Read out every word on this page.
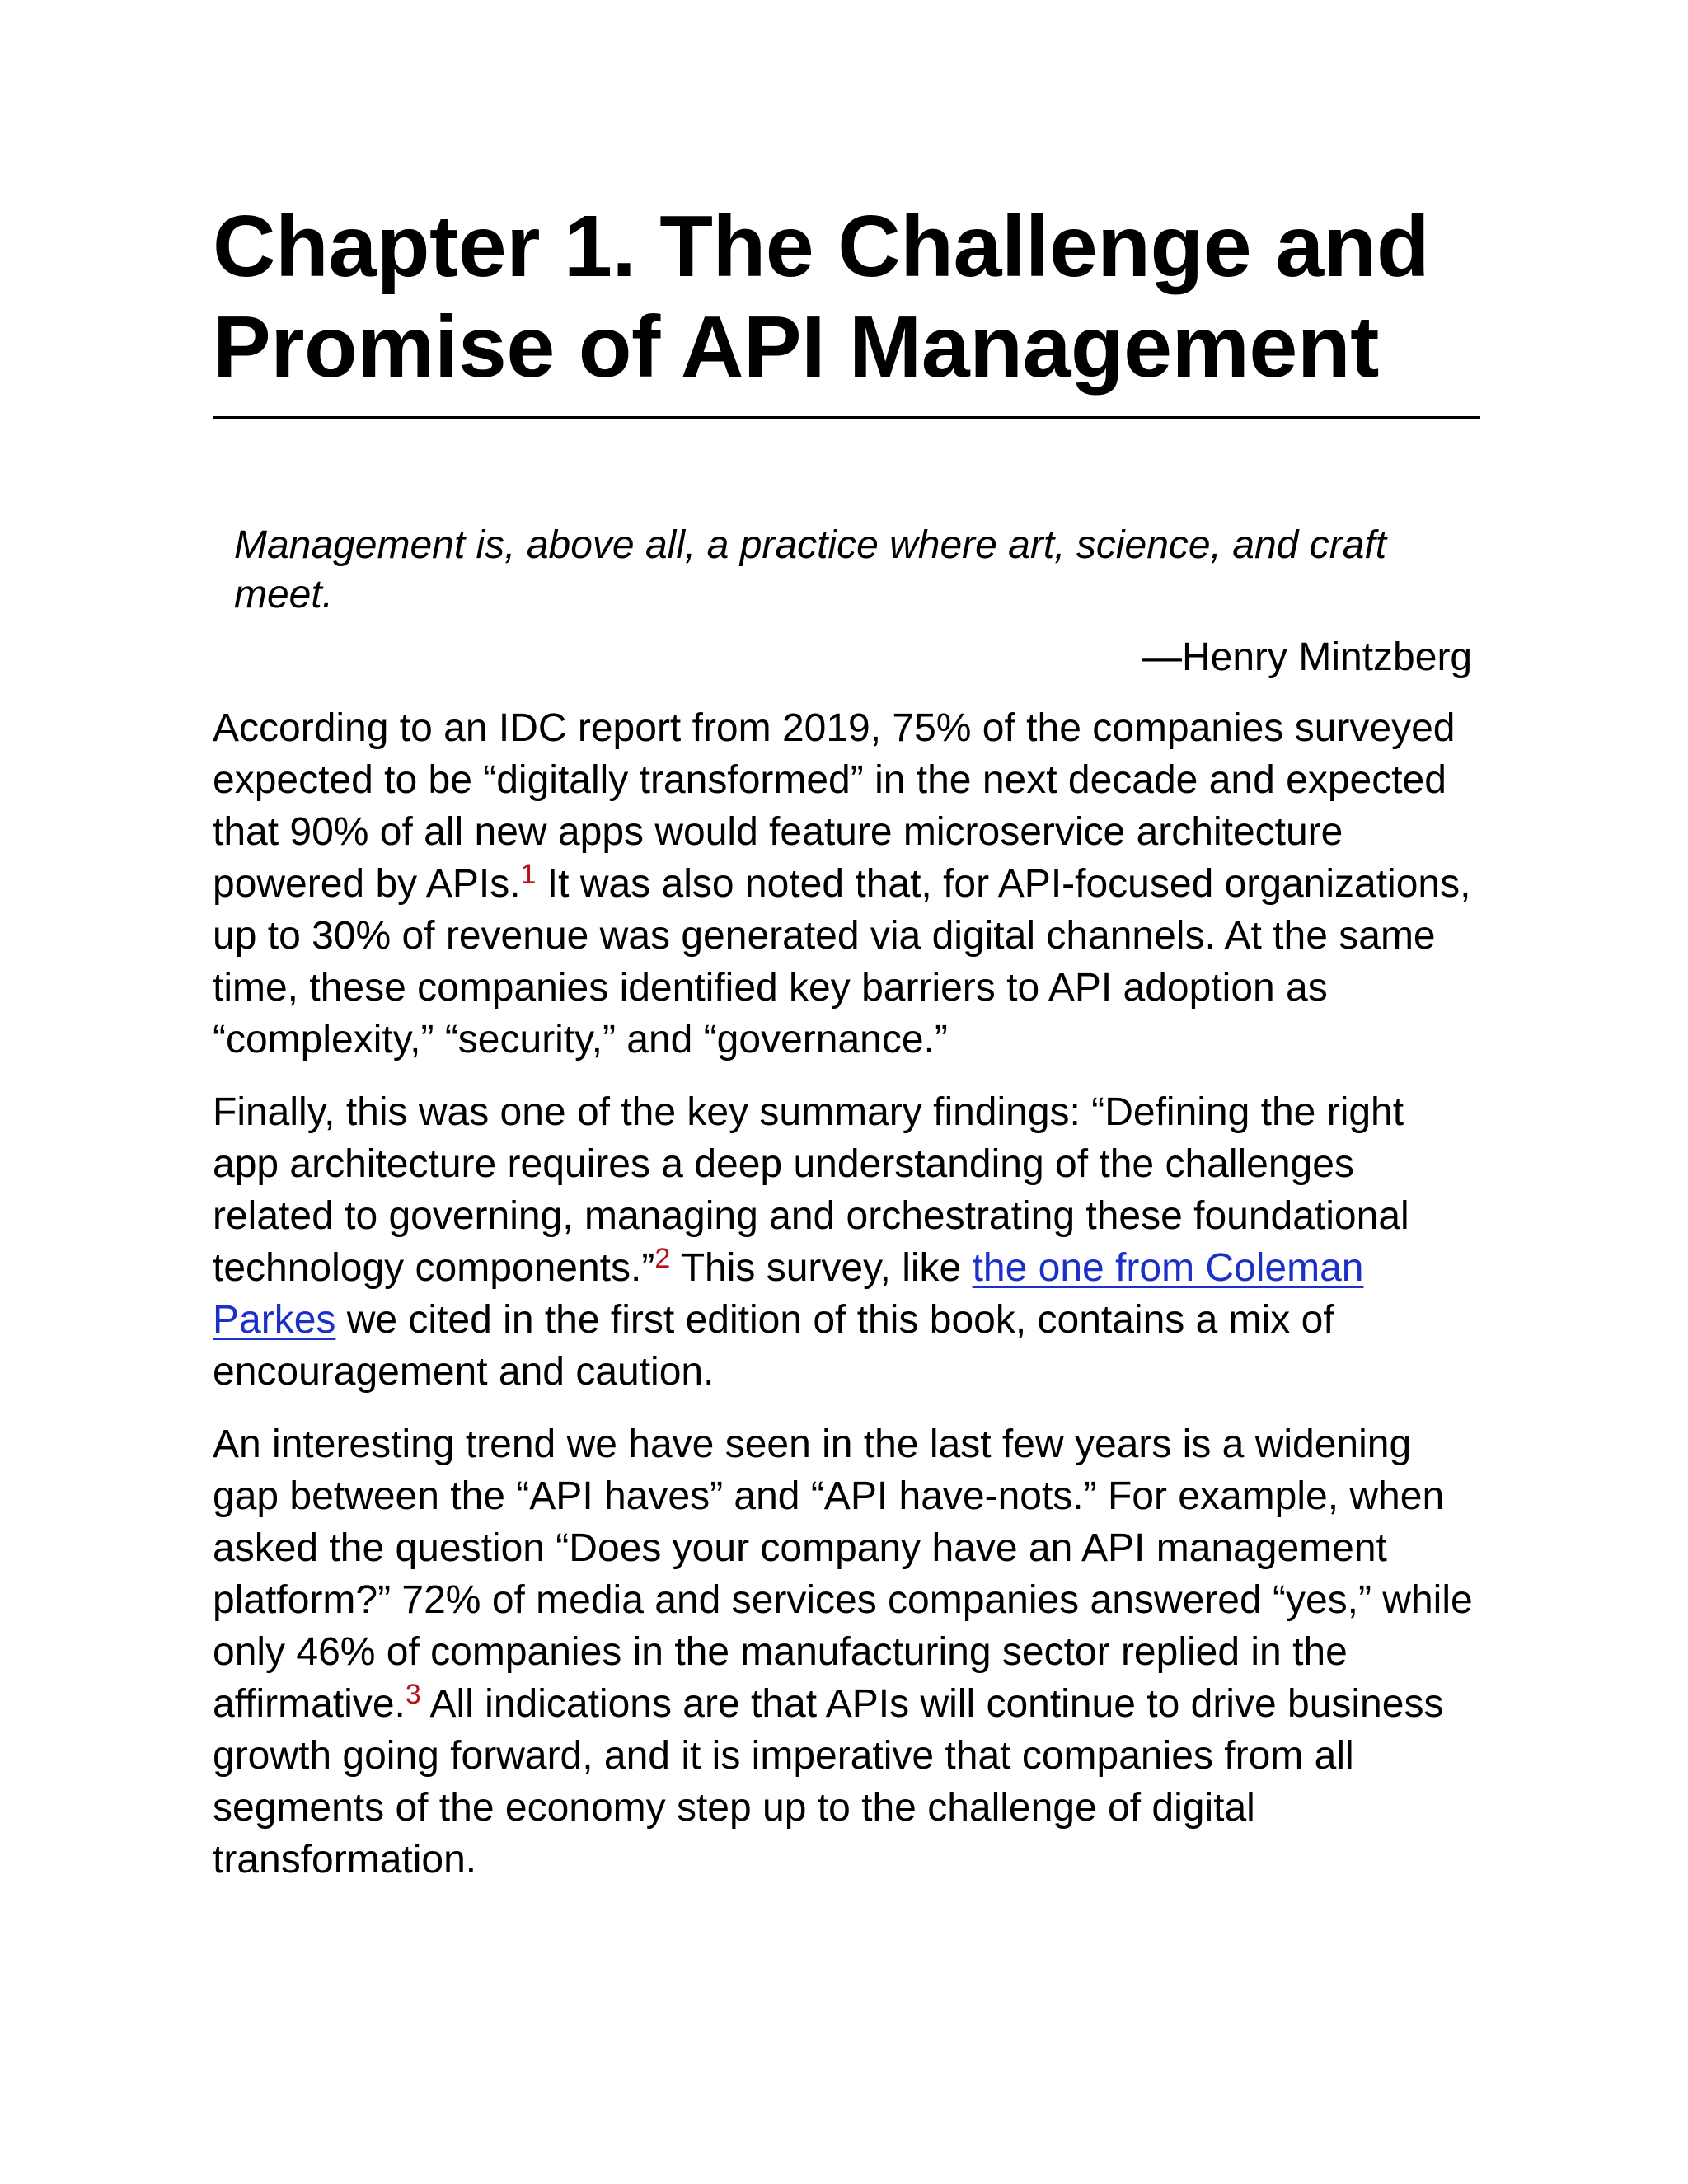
Chapter 1. The Challenge and
Promise of API Management

Management is, above all, a practice where art, science, and craft meet.

—Henry Mintzberg

According to an IDC report from 2019, 75% of the companies surveyed expected to be “digitally transformed” in the next decade and expected that 90% of all new apps would feature microservice architecture powered by APIs.$^1$ It was also noted that, for API-focused organizations, up to 30% of revenue was generated via digital channels. At the same time, these companies identified key barriers to API adoption as “complexity,” “security,” and “governance.”

Finally, this was one of the key summary findings: “Defining the right app architecture requires a deep understanding of the challenges related to governing, managing and orchestrating these foundational technology components.”$^2$ This survey, like the one from Coleman Parkes we cited in the first edition of this book, contains a mix of encouragement and caution.

An interesting trend we have seen in the last few years is a widening gap between the “API haves” and “API have-nots.” For example, when asked the question “Does your company have an API management platform?” 72% of media and services companies answered “yes,” while only 46% of companies in the manufacturing sector replied in the affirmative.$^3$ All indications are that APIs will continue to drive business growth going forward, and it is imperative that companies from all segments of the economy step up to the challenge of digital transformation.
